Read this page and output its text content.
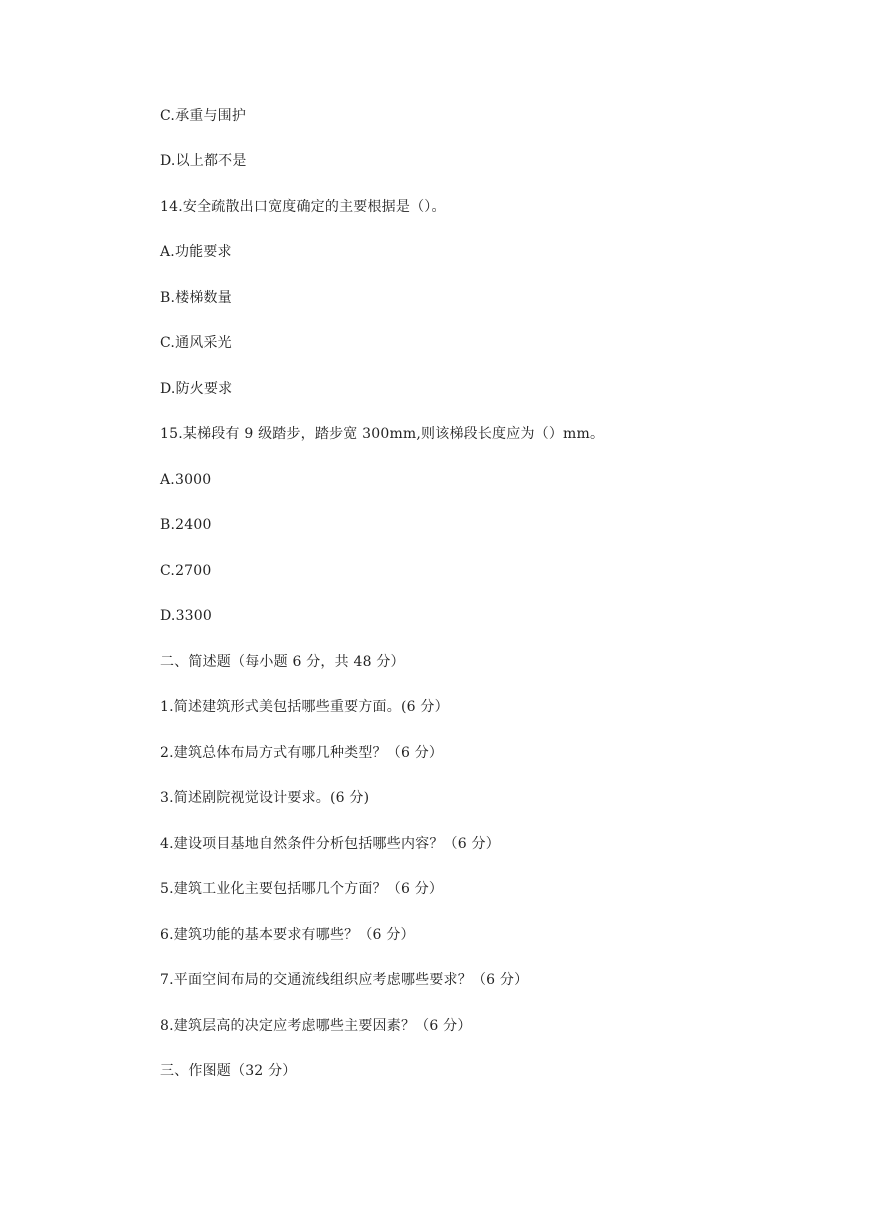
C.承重与围护
D.以上都不是
14.安全疏散出口宽度确定的主要根据是（）。
A.功能要求
B.楼梯数量
C.通风采光
D.防火要求
15.某梯段有 9 级踏步，踏步宽 300mm,则该梯段长度应为（）mm。
A.3000
B.2400
C.2700
D.3300
二、简述题（每小题 6 分，共 48 分）
1.简述建筑形式美包括哪些重要方面。(6 分）
2.建筑总体布局方式有哪几种类型？（6 分）
3.简述剧院视觉设计要求。(6 分)
4.建设项目基地自然条件分析包括哪些内容？（6 分）
5.建筑工业化主要包括哪几个方面？（6 分）
6.建筑功能的基本要求有哪些？（6 分）
7.平面空间布局的交通流线组织应考虑哪些要求？（6 分）
8.建筑层高的决定应考虑哪些主要因素？（6 分）
三、作图题（32 分）
